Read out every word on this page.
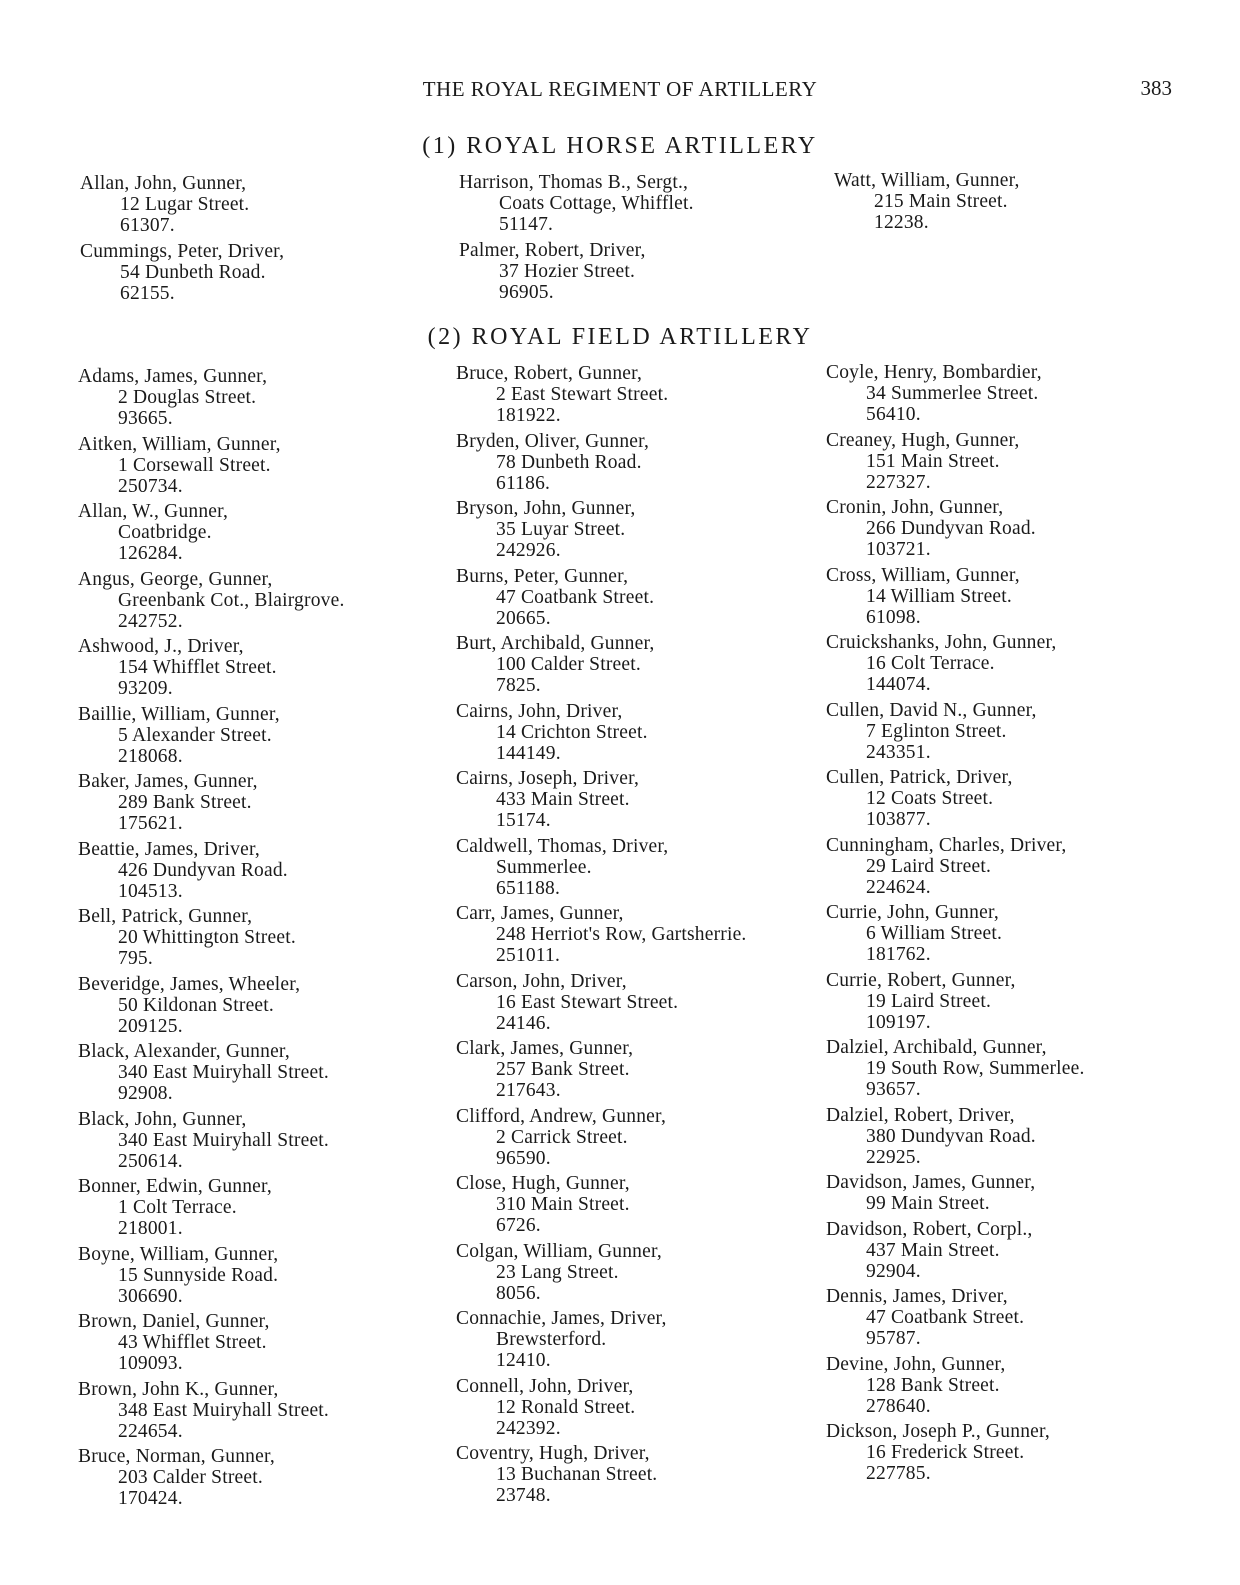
THE ROYAL REGIMENT OF ARTILLERY	383
(1) ROYAL HORSE ARTILLERY
Allan, John, Gunner,
12 Lugar Street.
61307.
Cummings, Peter, Driver,
54 Dunbeth Road.
62155.
Harrison, Thomas B., Sergt.,
Coats Cottage, Whifflet.
51147.
Palmer, Robert, Driver,
37 Hozier Street.
96905.
Watt, William, Gunner,
215 Main Street.
12238.
(2) ROYAL FIELD ARTILLERY
Adams, James, Gunner,
2 Douglas Street.
93665.
Aitken, William, Gunner,
1 Corsewall Street.
250734.
Allan, W., Gunner,
Coatbridge.
126284.
Angus, George, Gunner,
Greenbank Cot., Blairgrove.
242752.
Ashwood, J., Driver,
154 Whifflet Street.
93209.
Baillie, William, Gunner,
5 Alexander Street.
218068.
Baker, James, Gunner,
289 Bank Street.
175621.
Beattie, James, Driver,
426 Dundyvan Road.
104513.
Bell, Patrick, Gunner,
20 Whittington Street.
795.
Beveridge, James, Wheeler,
50 Kildonan Street.
209125.
Black, Alexander, Gunner,
340 East Muiryhall Street.
92908.
Black, John, Gunner,
340 East Muiryhall Street.
250614.
Bonner, Edwin, Gunner,
1 Colt Terrace.
218001.
Boyne, William, Gunner,
15 Sunnyside Road.
306690.
Brown, Daniel, Gunner,
43 Whifflet Street.
109093.
Brown, John K., Gunner,
348 East Muiryhall Street.
224654.
Bruce, Norman, Gunner,
203 Calder Street.
170424.
Bruce, Robert, Gunner,
2 East Stewart Street.
181922.
Bryden, Oliver, Gunner,
78 Dunbeth Road.
61186.
Bryson, John, Gunner,
35 Luyar Street.
242926.
Burns, Peter, Gunner,
47 Coatbank Street.
20665.
Burt, Archibald, Gunner,
100 Calder Street.
7825.
Cairns, John, Driver,
14 Crichton Street.
144149.
Cairns, Joseph, Driver,
433 Main Street.
15174.
Caldwell, Thomas, Driver,
Summerlee.
651188.
Carr, James, Gunner,
248 Herriot's Row, Gartsherrie.
251011.
Carson, John, Driver,
16 East Stewart Street.
24146.
Clark, James, Gunner,
257 Bank Street.
217643.
Clifford, Andrew, Gunner,
2 Carrick Street.
96590.
Close, Hugh, Gunner,
310 Main Street.
6726.
Colgan, William, Gunner,
23 Lang Street.
8056.
Connachie, James, Driver,
Brewsterford.
12410.
Connell, John, Driver,
12 Ronald Street.
242392.
Coventry, Hugh, Driver,
13 Buchanan Street.
23748.
Coyle, Henry, Bombardier,
34 Summerlee Street.
56410.
Creaney, Hugh, Gunner,
151 Main Street.
227327.
Cronin, John, Gunner,
266 Dundyvan Road.
103721.
Cross, William, Gunner,
14 William Street.
61098.
Cruickshanks, John, Gunner,
16 Colt Terrace.
144074.
Cullen, David N., Gunner,
7 Eglinton Street.
243351.
Cullen, Patrick, Driver,
12 Coats Street.
103877.
Cunningham, Charles, Driver,
29 Laird Street.
224624.
Currie, John, Gunner,
6 William Street.
181762.
Currie, Robert, Gunner,
19 Laird Street.
109197.
Dalziel, Archibald, Gunner,
19 South Row, Summerlee.
93657.
Dalziel, Robert, Driver,
380 Dundyvan Road.
22925.
Davidson, James, Gunner,
99 Main Street.
Davidson, Robert, Corpl.,
437 Main Street.
92904.
Dennis, James, Driver,
47 Coatbank Street.
95787.
Devine, John, Gunner,
128 Bank Street.
278640.
Dickson, Joseph P., Gunner,
16 Frederick Street.
227785.
